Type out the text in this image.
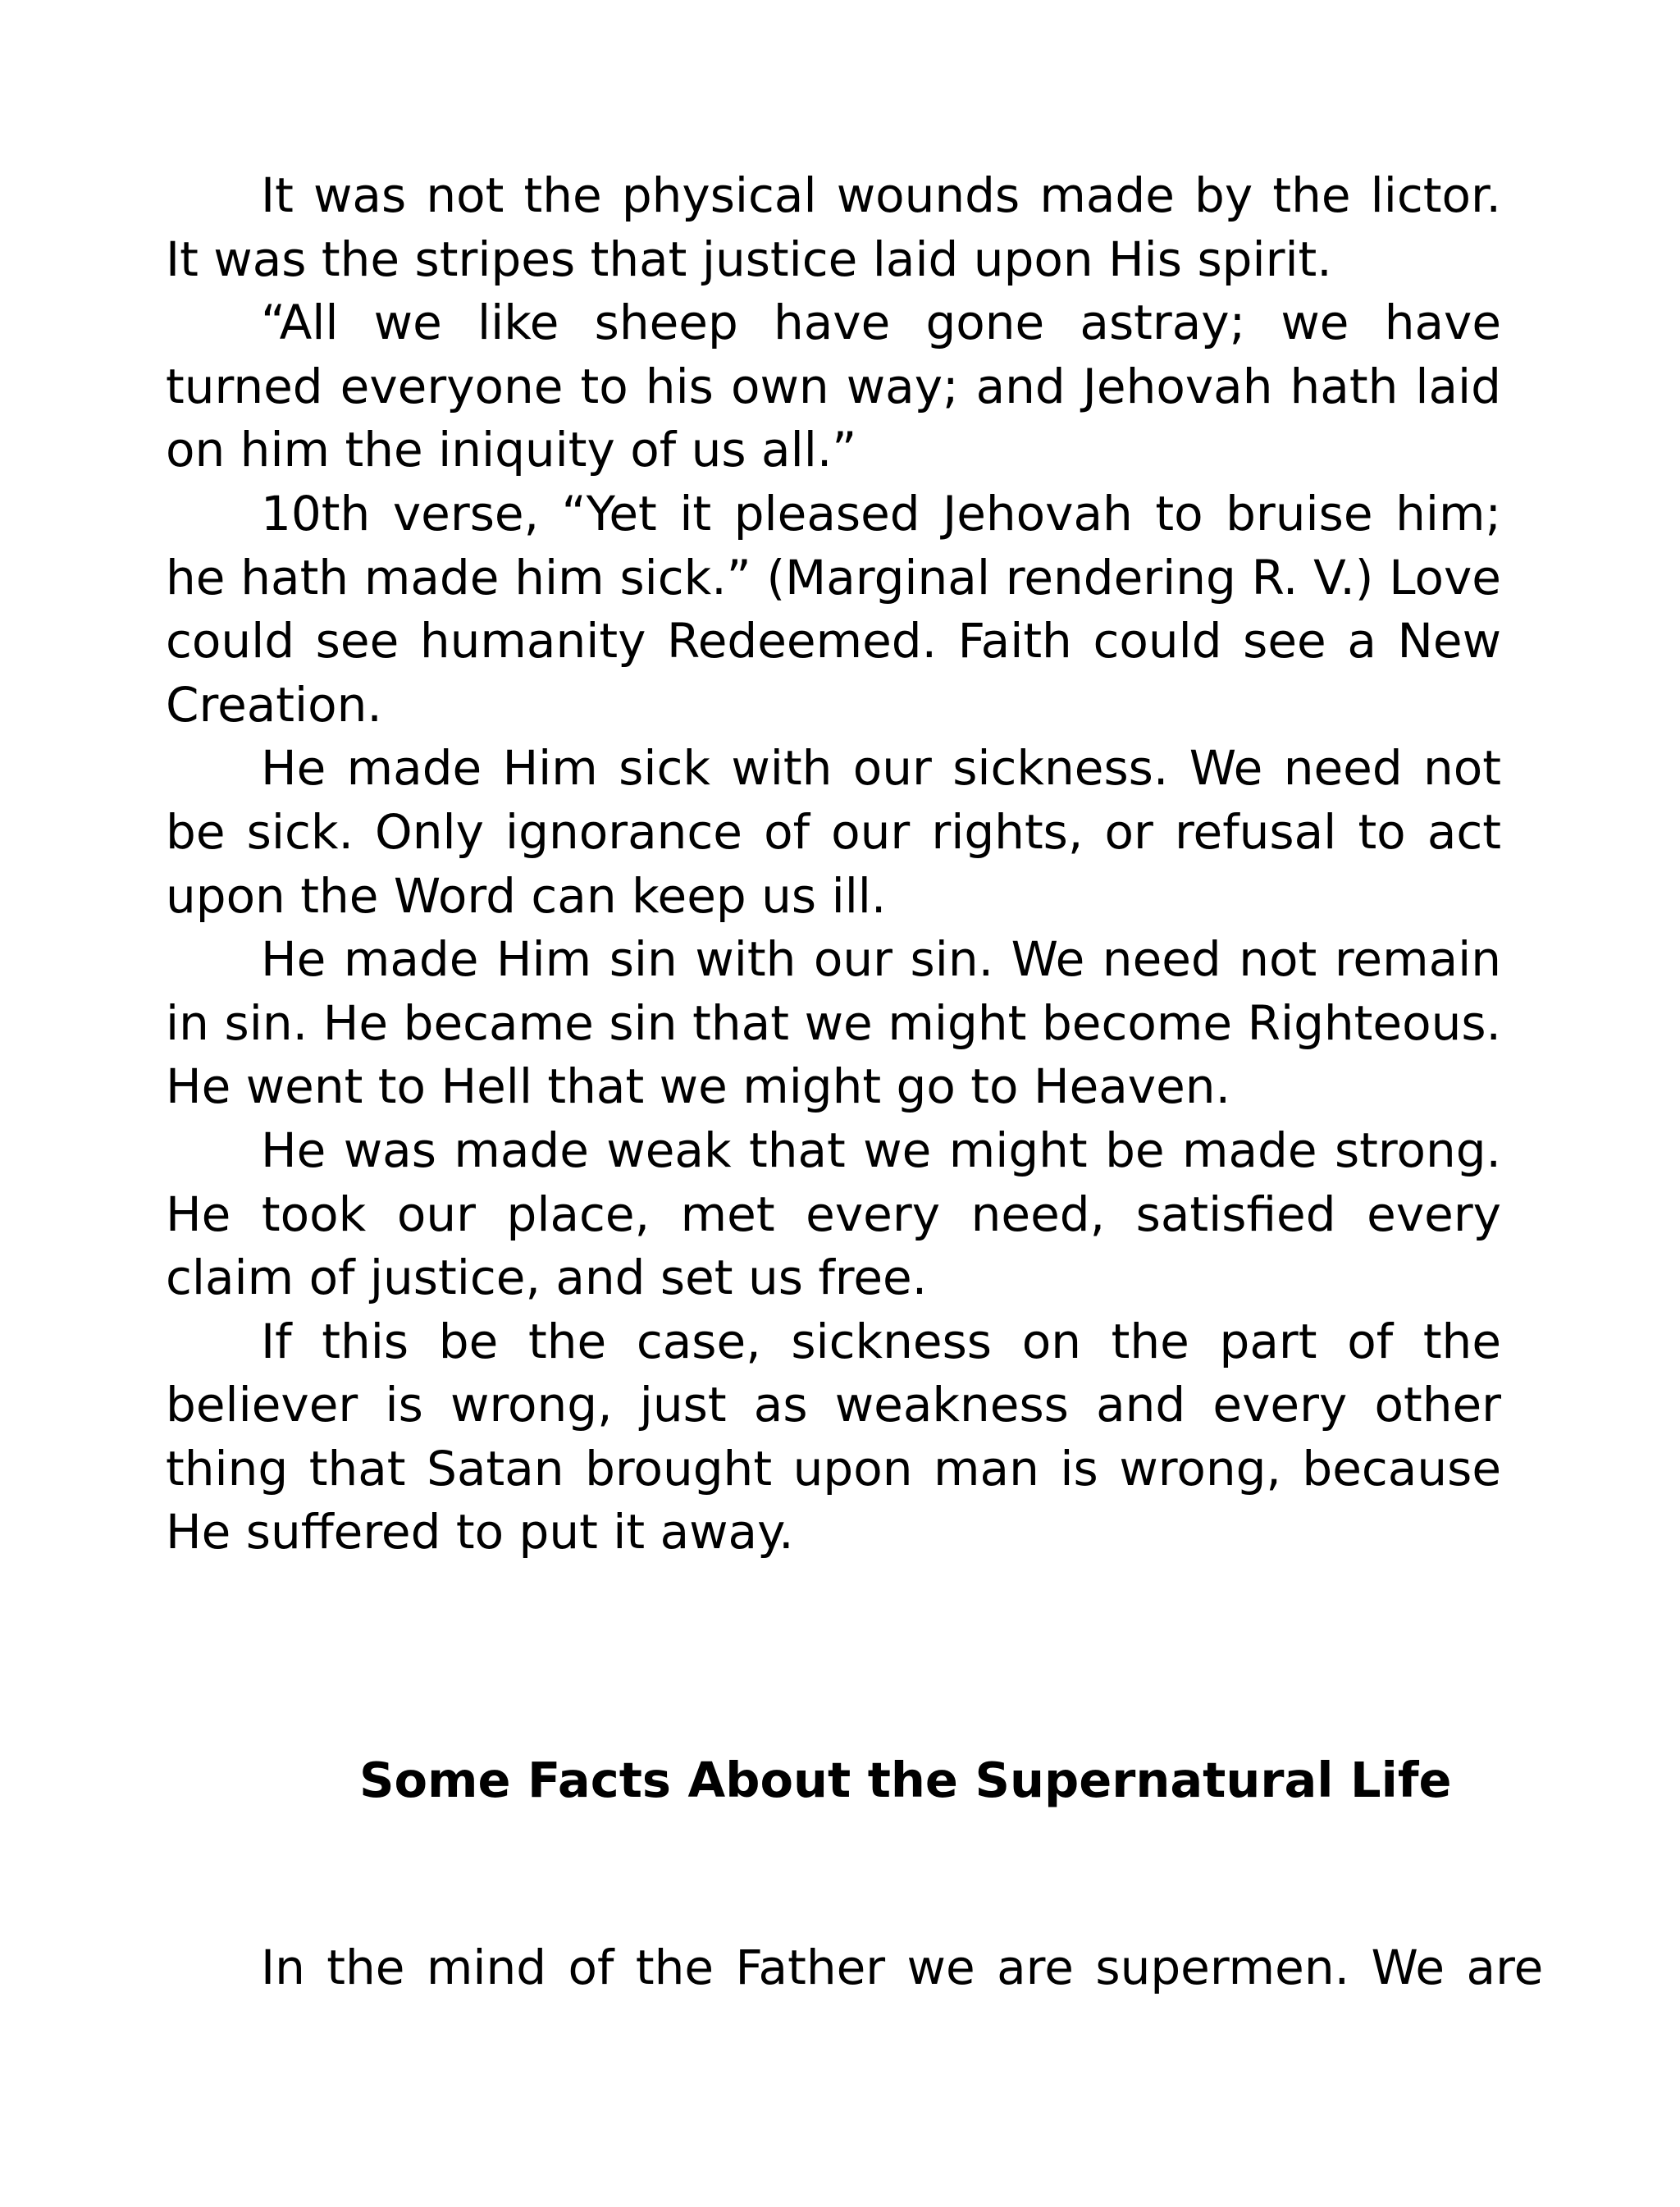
It was not the physical wounds made by the lictor. It was the stripes that justice laid upon His spirit.

“All we like sheep have gone astray; we have turned everyone to his own way; and Jehovah hath laid on him the iniquity of us all.”

10th verse, “Yet it pleased Jehovah to bruise him; he hath made him sick.” (Marginal rendering R. V.) Love could see humanity Redeemed. Faith could see a New Creation.

He made Him sick with our sickness. We need not be sick. Only ignorance of our rights, or refusal to act upon the Word can keep us ill.

He made Him sin with our sin. We need not remain in sin. He became sin that we might become Righteous. He went to Hell that we might go to Heaven.

He was made weak that we might be made strong. He took our place, met every need, satisfied every claim of justice, and set us free.

If this be the case, sickness on the part of the believer is wrong, just as weakness and every other thing that Satan brought upon man is wrong, because He suffered to put it away.

Some Facts About the Supernatural Life

In the mind of the Father we are supermen. We are
